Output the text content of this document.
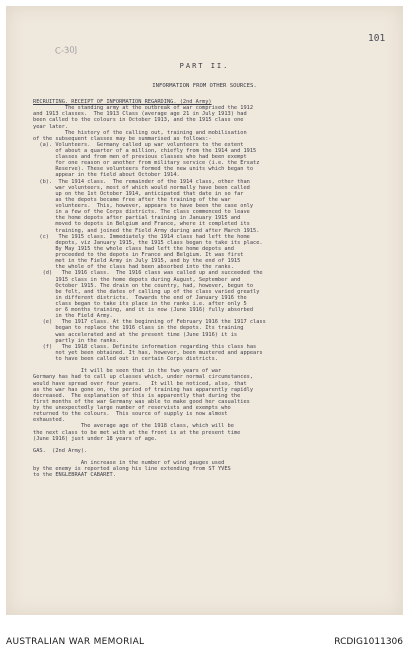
101
C-30J
PART II.
INFORMATION FROM OTHER SOURCES.
RECRUITING. RECEIPT OF INFORMATION REGARDING. (2nd Army)
The standing army at the outbreak of war comprised the 1912
and 1913 classes.  The 1913 Class (average age 21 in July 1913) had
been called to the colours in October 1913, and the 1915 class one
year later.
The history of the calling out, training and mobilisation
of the subsequent classes may be summarised as follows:-
(a). Volunteers.  Germany called up war volunteers to the extent
of about a quarter of a million, chiefly from the 1914 and 1915
classes and from men of previous classes who had been exempt
for one reason or another from military service (i.e. the Ersatz
Reserve). These volunteers formed the new units which began to
appear in the field about October 1914.
(b).  The 1914 class.  The remainder of the 1914 class, other than
war volunteers, most of which would normally have been called
up on the 1st October 1914, anticipated that date in so far
as the depots became free after the training of the war
volunteers.  This, however, appears to have been the case only
in a few of the Corps districts. The class commenced to leave
the home depots after partial training in January 1915 and
moved to depots in Belgium and France, where it completed its
training, and joined the Field Army during and after March 1915.
(c)   The 1915 class. Immediately the 1914 class had left the home
depots, viz January 1915, the 1915 class began to take its place.
By May 1915 the whole class had left the home depots and
proceeded to the depots in France and Belgium. It was first
met in the Field Army in July 1915, and by the end of 1915
the whole of the class had been absorbed into the ranks.
(d)   The 1916 class.  The 1916 class was called up and succeeded the
1915 class in the home depots during August, September and
October 1915. The drain on the country, had, however, begun to
be felt, and the dates of calling up of the class varied greatly
in different districts.  Towards the end of January 1916 the
class began to take its place in the ranks i.e. after only 5
or 6 months training, and it is now (June 1916) fully absorbed
in the Field Army.
(e)   The 1917 class. At the beginning of February 1916 the 1917 class
began to replace the 1916 class in the depots. Its training
was accelerated and at the present time (June 1916) it is
partly in the ranks.
(f)   The 1918 class. Definite information regarding this class has
not yet been obtained. It has, however, been mustered and appears
to have been called out in certain Corps districts.
It will be seen that in the two years of war
Germany has had to call up classes which, under normal circumstances,
would have spread over four years.   It will be noticed, also, that
as the war has gone on, the period of training has apparently rapidly
decreased.  The explanation of this is apparently that during the
first months of the war Germany was able to make good her casualties
by the unexpectedly large number of reservists and exempts who
returned to the colours.  This source of supply is now almost
exhausted.
The average age of the 1918 class, which will be
the next class to be met with at the front is at the present time
(June 1916) just under 18 years of age.
GAS.  (2nd Army).
An increase in the number of wind gauges used
by the enemy is reported along his line extending from ST YVES
to the ENGLEBRAAT CABARET.
AUSTRALIAN WAR MEMORIAL	RCDIG1011306
